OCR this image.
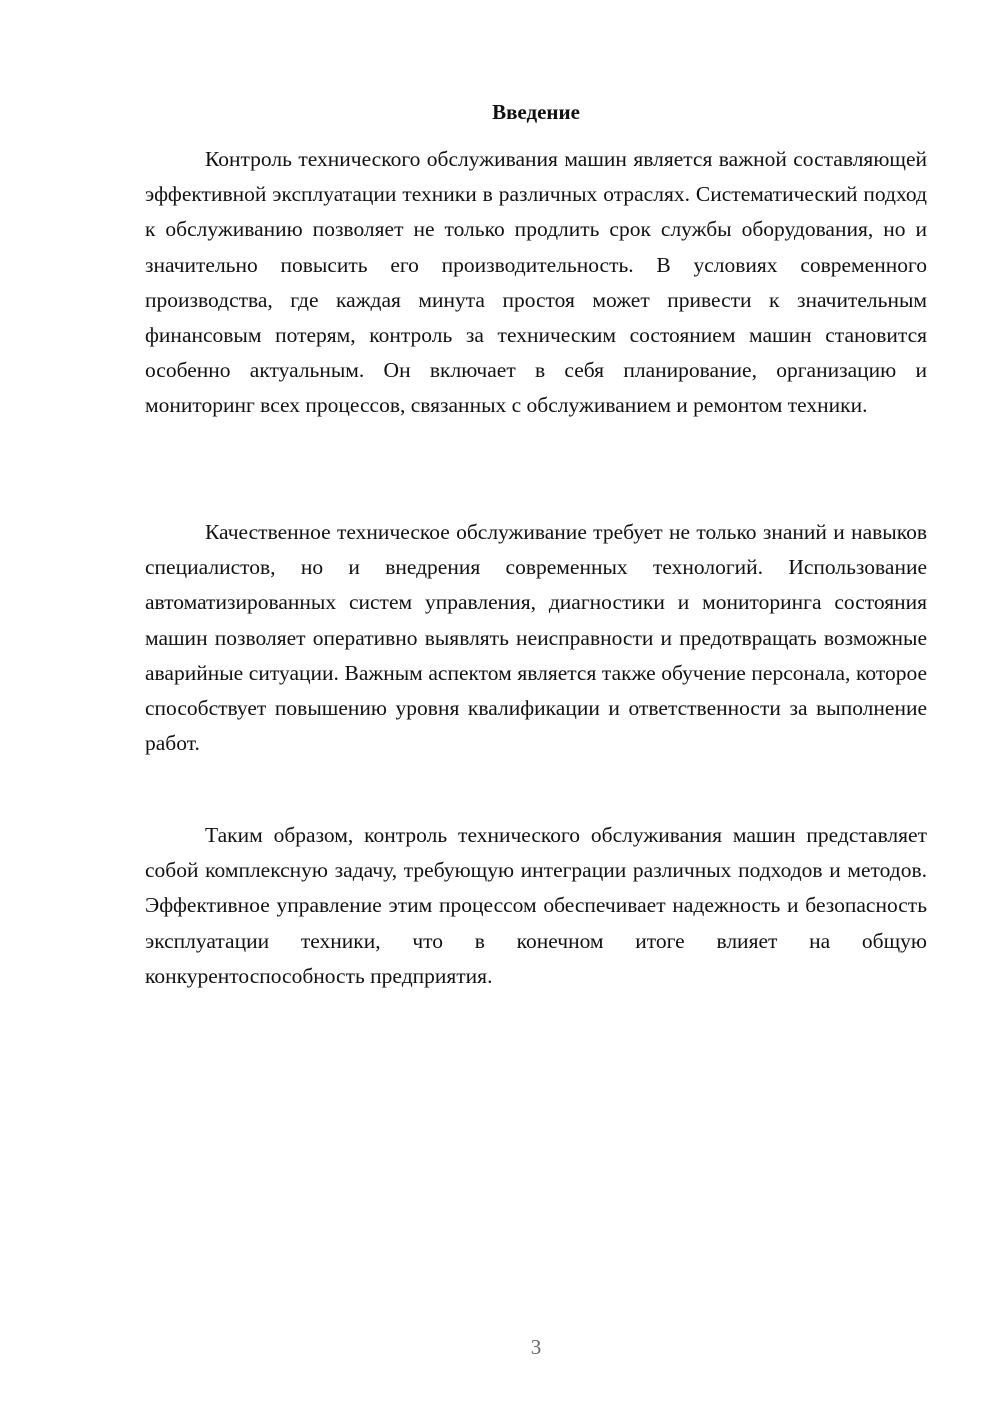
Введение

Контроль технического обслуживания машин является важной составляющей эффективной эксплуатации техники в различных отраслях. Систематический подход к обслуживанию позволяет не только продлить срок службы оборудования, но и значительно повысить его производительность. В условиях современного производства, где каждая минута простоя может привести к значительным финансовым потерям, контроль за техническим состоянием машин становится особенно актуальным. Он включает в себя планирование, организацию и мониторинг всех процессов, связанных с обслуживанием и ремонтом техники.

Качественное техническое обслуживание требует не только знаний и навыков специалистов, но и внедрения современных технологий. Использование автоматизированных систем управления, диагностики и мониторинга состояния машин позволяет оперативно выявлять неисправности и предотвращать возможные аварийные ситуации. Важным аспектом является также обучение персонала, которое способствует повышению уровня квалификации и ответственности за выполнение работ.

Таким образом, контроль технического обслуживания машин представляет собой комплексную задачу, требующую интеграции различных подходов и методов. Эффективное управление этим процессом обеспечивает надежность и безопасность эксплуатации техники, что в конечном итоге влияет на общую конкурентоспособность предприятия.

3
